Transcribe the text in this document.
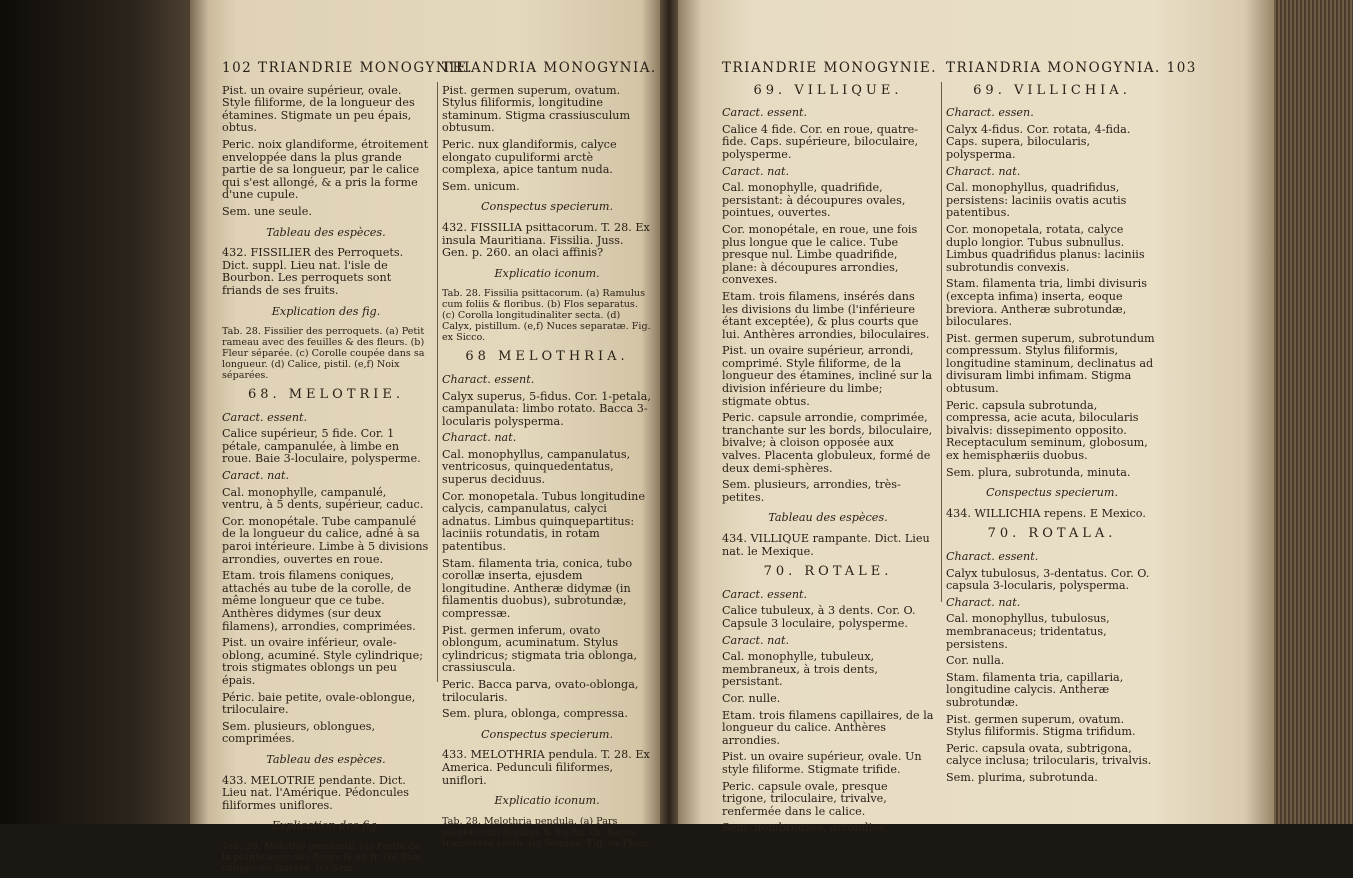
102 TRIANDRIE MONOGYNIE.

Pist. un ovaire supérieur, ovale. Style filiforme, de la longueur des étamines. Stigmate un peu épais, obtus.

Peric. noix glandiforme, étroitement enveloppée dans la plus grande partie de sa longueur, par le calice qui s'est allongé, & a pris la forme d'une cupule.

Sem. une seule.

Tableau des espèces.

432. FISSILIER des Perroquets. Dict. suppl. Lieu nat. l'isle de Bourbon. Les perroquets sont friands de ses fruits.

Explication des fig.

Tab. 28. Fissilier des perroquets. (a) Petit rameau avec des feuilles & des fleurs. (b) Fleur séparée. (c) Corolle coupée dans sa longueur. (d) Calice, pistil. (e,f) Noix séparées.

68. MELOTRIE.

Caract. essent.

Calice supérieur, 5 fide. Cor. 1 pétale, campanulée, à limbe en roue. Baie 3-loculaire, polysperme.

Caract. nat.

Cal. monophylle, campanulé, ventru, à 5 dents, supérieur, caduc.

Cor. monopétale. Tube campanulé de la longueur du calice, adné à sa paroi intérieure. Limbe à 5 divisions arrondies, ouvertes en roue.

Etam. trois filamens coniques, attachés au tube de la corolle, de même longueur que ce tube. Anthères didymes (sur deux filamens), arrondies, comprimées.

Pist. un ovaire inférieur, ovale-oblong, acuminé. Style cylindrique; trois stigmates oblongs un peu épais.

Péric. baie petite, ovale-oblongue, triloculaire.

Sem. plusieurs, oblongues, comprimées.

Tableau des espèces.

433. MELOTRIE pendante. Dict. Lieu nat. l'Amérique. Pédoncules filiformes uniflores.

Explication des fig.

Tab. 28. Melotrie pendante. (a) Partie de la plante avec des fleurs & un fr. (b) Baie coupée en travers. (c) Sem.

TRIANDRIA MONOGYNIA.

Pist. germen superum, ovatum. Stylus filiformis, longitudine staminum. Stigma crassiusculum obtusum.

Peric. nux glandiformis, calyce elongato cupuliformi arctè complexa, apice tantum nuda.

Sem. unicum.

Conspectus specierum.

432. FISSILIA psittacorum. T. 28. Ex insula Mauritiana. Fissilia. Juss. Gen. p. 260. an olaci affinis?

Explicatio iconum.

Tab. 28. Fissilia psittacorum. (a) Ramulus cum foliis & floribus. (b) Flos separatus. (c) Corolla longitudinaliter secta. (d) Calyx, pistillum. (e,f) Nuces separatæ. Fig. ex Sicco.

68 MELOTHRIA.

Charact. essent.

Calyx superus, 5-fidus. Cor. 1-petala, campanulata: limbo rotato. Bacca 3-locularis polysperma.

Charact. nat.

Cal. monophyllus, campanulatus, ventricosus, quinquedentatus, superus deciduus.

Cor. monopetala. Tubus longitudine calycis, campanulatus, calyci adnatus. Limbus quinquepartitus: laciniis rotundatis, in rotam patentibus.

Stam. filamenta tria, conica, tubo corollæ inserta, ejusdem longitudine. Antheræ didymæ (in filamentis duobus), subrotundæ, compressæ.

Pist. germen inferum, ovato oblongum, acuminatum. Stylus cylindricus; stigmata tria oblonga, crassiuscula.

Peric. Bacca parva, ovato-oblonga, trilocularis.

Sem. plura, oblonga, compressa.

Conspectus specierum.

433. MELOTHRIA pendula. T. 28. Ex America. Pedunculi filiformes, uniflori.

Explicatio iconum.

Tab. 28. Melothria pendula. (a) Pars plantæ cum floribus & fructu. (b) Bacca transversè secta. (c) Semina. Fig. ex Plum.

TRIANDRIE MONOGYNIE.
69. VILLIQUE.

Caract. essent.

Calice 4 fide. Cor. en roue, quatre-fide. Caps. supérieure, biloculaire, polysperme.

Caract. nat.

Cal. monophylle, quadrifide, persistant: à découpures ovales, pointues, ouvertes.

Cor. monopétale, en roue, une fois plus longue que le calice. Tube presque nul. Limbe quadrifide, plane: à découpures arrondies, convexes.

Etam. trois filamens, insérés dans les divisions du limbe (l'inférieure étant exceptée), & plus courts que lui. Anthères arrondies, biloculaires.

Pist. un ovaire supérieur, arrondi, comprimé. Style filiforme, de la longueur des étamines, incliné sur la division inférieure du limbe; stigmate obtus.

Peric. capsule arrondie, comprimée, tranchante sur les bords, biloculaire, bivalve; à cloison opposée aux valves. Placenta globuleux, formé de deux demi-sphères.

Sem. plusieurs, arrondies, très-petites.

Tableau des espèces.

434. VILLIQUE rampante. Dict. Lieu nat. le Mexique.

70. ROTALE.

Caract. essent.

Calice tubuleux, à 3 dents. Cor. O. Capsule 3 loculaire, polysperme.

Caract. nat.

Cal. monophylle, tubuleux, membraneux, à trois dents, persistant.

Cor. nulle.

Etam. trois filamens capillaires, de la longueur du calice. Anthères arrondies.

Pist. un ovaire supérieur, ovale. Un style filiforme. Stigmate trifide.

Peric. capsule ovale, presque trigone, triloculaire, trivalve, renfermée dans le calice.

Sem. nombreuses, arrondies.

TRIANDRIA MONOGYNIA. 103
69. VILLICHIA.

Charact. essen.

Calyx 4-fidus. Cor. rotata, 4-fida. Caps. supera, bilocularis, polysperma.

Charact. nat.

Cal. monophyllus, quadrifidus, persistens: laciniis ovatis acutis patentibus.

Cor. monopetala, rotata, calyce duplo longior. Tubus subnullus. Limbus quadrifidus planus: laciniis subrotundis convexis.

Stam. filamenta tria, limbi divisuris (excepta infima) inserta, eoque breviora. Antheræ subrotundæ, biloculares.

Pist. germen superum, subrotundum compressum. Stylus filiformis, longitudine staminum, declinatus ad divisuram limbi infimam. Stigma obtusum.

Peric. capsula subrotunda, compressa, acie acuta, bilocularis bivalvis: dissepimento opposito. Receptaculum seminum, globosum, ex hemisphæriis duobus.

Sem. plura, subrotunda, minuta.

Conspectus specierum.

434. WILLICHIA repens. E Mexico.

70. ROTALA.

Charact. essent.

Calyx tubulosus, 3-dentatus. Cor. O. capsula 3-locularis, polysperma.

Charact. nat.

Cal. monophyllus, tubulosus, membranaceus; tridentatus, persistens.

Cor. nulla.

Stam. filamenta tria, capillaria, longitudine calycis. Antheræ subrotundæ.

Pist. germen superum, ovatum. Stylus filiformis. Stigma trifidum.

Peric. capsula ovata, subtrigona, calyce inclusa; trilocularis, trivalvis.

Sem. plurima, subrotunda.
